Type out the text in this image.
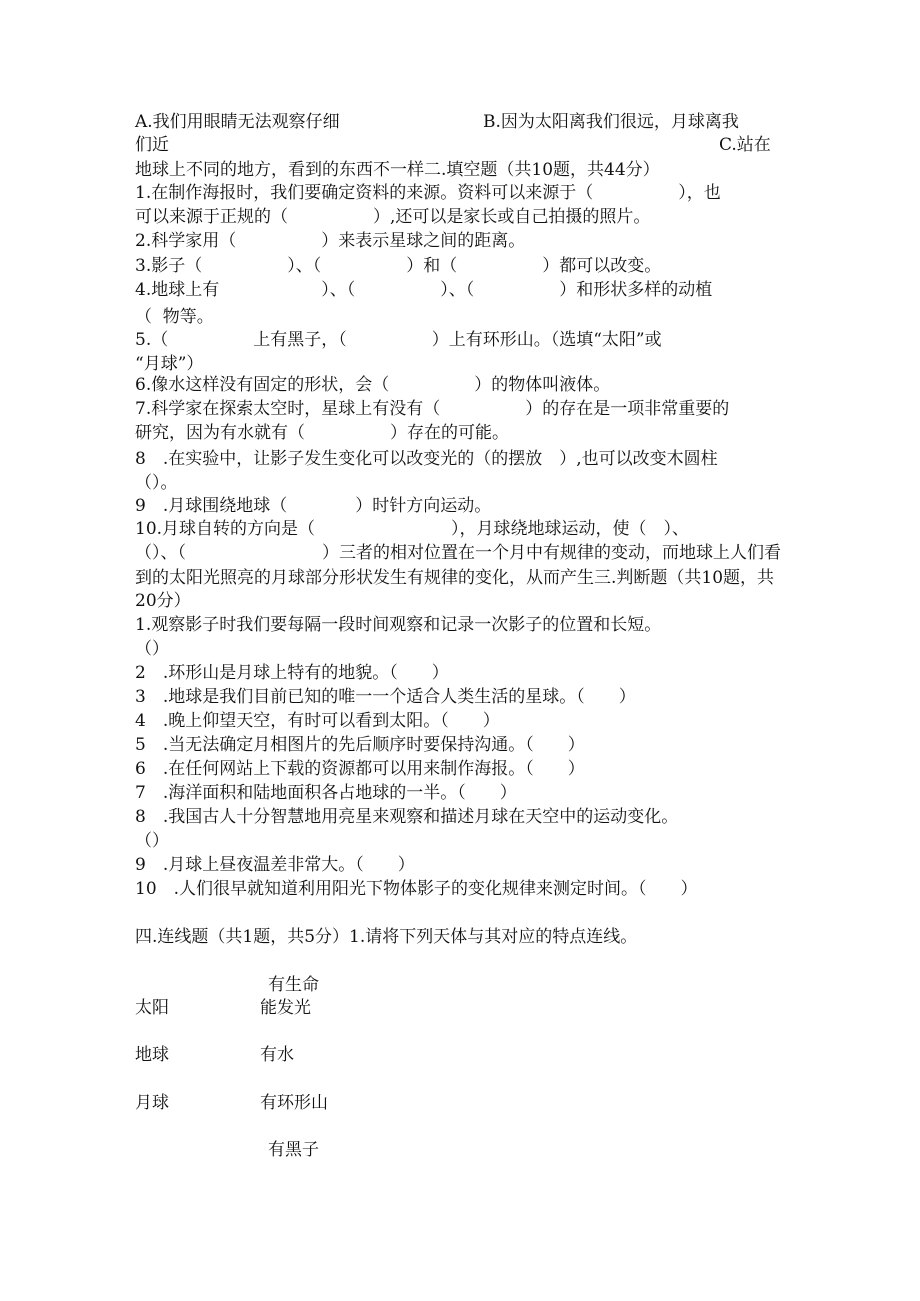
A.我们用眼睛无法观察仔细	B.因为太阳离我们很远，月球离我
们近	C.站在
地球上不同的地方，看到的东西不一样二.填空题（共10题，共44分）
1.在制作海报时，我们要确定资料的来源。资料可以来源于（　　　　　），也
可以来源于正规的（　　　　　）,还可以是家长或自己拍摄的照片。
2.科学家用（　　　　　）来表示星球之间的距离。
3.影子（　　　　　）、（　　　　　）和（　　　　　）都可以改变。
4.地球上有　　　　　　）、（　　　　　）、（　　　　　）和形状多样的动植
（  物等。
5.（　　　　　上有黑子，（　　　　　）上有环形山。（选填“太阳”或
“月球”）
6.像水这样没有固定的形状，会（　　　　　）的物体叫液体。
7.科学家在探索太空时，星球上有没有（　　　　　）的存在是一项非常重要的
研究，因为有水就有（　　　　　）存在的可能。
8　.在实验中，让影子发生变化可以改变光的（的摆放　）,也可以改变木圆柱
（）。
9　.月球围绕地球（　　　　）时针方向运动。
10.月球自转的方向是（　　　　　　　　），月球绕地球运动，使（　）、
（）、（　　　　　　　　）三者的相对位置在一个月中有规律的变动，而地球上人们看
到的太阳光照亮的月球部分形状发生有规律的变化，从而产生三.判断题（共10题，共
20分）
1.观察影子时我们要每隔一段时间观察和记录一次影子的位置和长短。
（）
2　.环形山是月球上特有的地貌。（　　）
3　.地球是我们目前已知的唯一一个适合人类生活的星球。（　　）
4　.晚上仰望天空，有时可以看到太阳。（　　）
5　.当无法确定月相图片的先后顺序时要保持沟通。（　　）
6　.在任何网站上下载的资源都可以用来制作海报。（　　）
7　.海洋面积和陆地面积各占地球的一半。（　　）
8　.我国古人十分智慧地用亮星来观察和描述月球在天空中的运动变化。
（）
9　.月球上昼夜温差非常大。（　　）
10　.人们很早就知道利用阳光下物体影子的变化规律来测定时间。（　　）
四.连线题（共1题，共5分）1.请将下列天体与其对应的特点连线。
有生命
太阳	能发光
地球	有水
月球	有环形山
有黑子
